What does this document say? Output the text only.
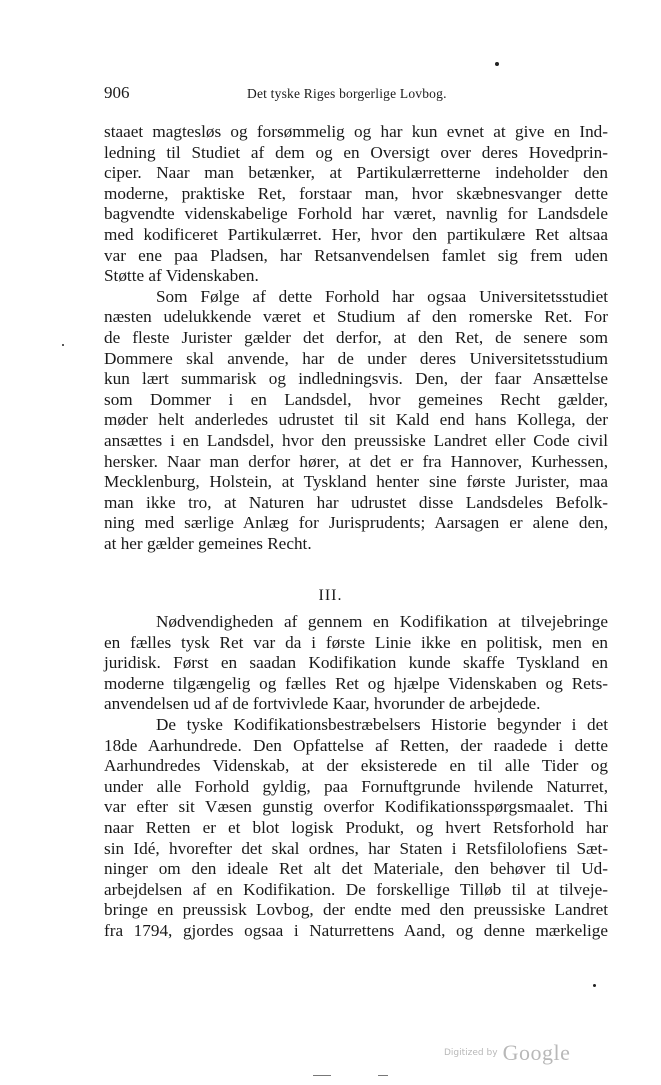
906	Det tyske Riges borgerlige Lovbog.
staaet magtesløs og forsømmelig og har kun evnet at give en Ind-
ledning til Studiet af dem og en Oversigt over deres Hovedprin-
ciper. Naar man betænker, at Partikulærretterne indeholder den
moderne, praktiske Ret, forstaar man, hvor skæbnesvanger dette
bagvendte videnskabelige Forhold har været, navnlig for Landsdele
med kodificeret Partikulærret. Her, hvor den partikulære Ret altsaa
var ene paa Pladsen, har Retsanvendelsen famlet sig frem uden
Støtte af Videnskaben.
Som Følge af dette Forhold har ogsaa Universitetsstudiet
næsten udelukkende været et Studium af den romerske Ret. For
de fleste Jurister gælder det derfor, at den Ret, de senere som
Dommere skal anvende, har de under deres Universitetsstudium
kun lært summarisk og indledningsvis. Den, der faar Ansættelse
som Dommer i en Landsdel, hvor gemeines Recht gælder,
møder helt anderledes udrustet til sit Kald end hans Kollega, der
ansættes i en Landsdel, hvor den preussiske Landret eller Code civil
hersker. Naar man derfor hører, at det er fra Hannover, Kurhessen,
Mecklenburg, Holstein, at Tyskland henter sine første Jurister, maa
man ikke tro, at Naturen har udrustet disse Landsdeles Befolk-
ning med særlige Anlæg for Jurisprudents; Aarsagen er alene den,
at her gælder gemeines Recht.
III.
Nødvendigheden af gennem en Kodifikation at tilvejebringe
en fælles tysk Ret var da i første Linie ikke en politisk, men en
juridisk. Først en saadan Kodifikation kunde skaffe Tyskland en
moderne tilgængelig og fælles Ret og hjælpe Videnskaben og Rets-
anvendelsen ud af de fortvivlede Kaar, hvorunder de arbejdede.
De tyske Kodifikationsbestræbelsers Historie begynder i det
18de Aarhundrede. Den Opfattelse af Retten, der raadede i dette
Aarhundredes Videnskab, at der eksisterede en til alle Tider og
under alle Forhold gyldig, paa Fornuftgrunde hvilende Naturret,
var efter sit Væsen gunstig overfor Kodifikationsspørgsmaalet. Thi
naar Retten er et blot logisk Produkt, og hvert Retsforhold har
sin Idé, hvorefter det skal ordnes, har Staten i Retsfilolofiens Sæt-
ninger om den ideale Ret alt det Materiale, den behøver til Ud-
arbejdelsen af en Kodifikation. De forskellige Tilløb til at tilveje-
bringe en preussisk Lovbog, der endte med den preussiske Landret
fra 1794, gjordes ogsaa i Naturrettens Aand, og denne mærkelige
Digitized by Google
